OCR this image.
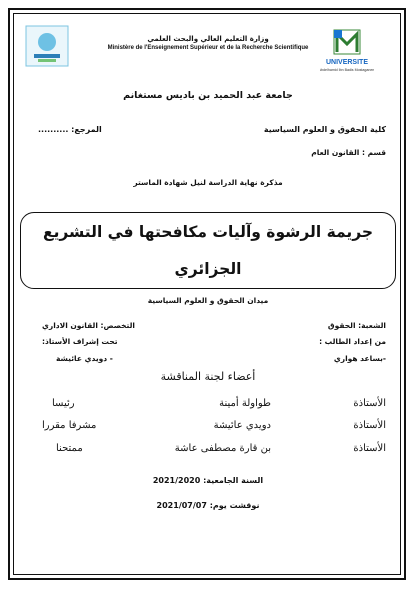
UNIVERSITE
Abdelhamid Ibn Badis Mostaganem
وزارة التعليم العالي والبحث العلمي
Ministère de l'Enseignement Supérieur et de la Recherche Scientifique
جامعة عبد الحميد بن باديس مستغانم
كلية الحقوق و العلوم السياسية
المرجع: ..........
قسم : القانون العام
مذكرة نهاية الدراسة لنيل شهادة الماستر
جريمة الرشوة وآليات مكافحتها في التشريع
الجزائري
ميدان الحقوق و العلوم السياسية
الشعبة: الحقوق
التخصص: القانون الاداري
من إعداد الطالب :
تحت إشراف الأستاذ:
-بساعد هواري
- دويدي عائيشة
أعضاء لجنة المناقشة
الأستاذة
طواولة أمينة
رئيسا
الأستاذة
دويدي عائيشة
مشرفا مقررا
الأستاذة
بن قارة مصطفى عاشة
ممتحنا
السنة الجامعية: 2021/2020
نوقشت يوم: 2021/07/07
